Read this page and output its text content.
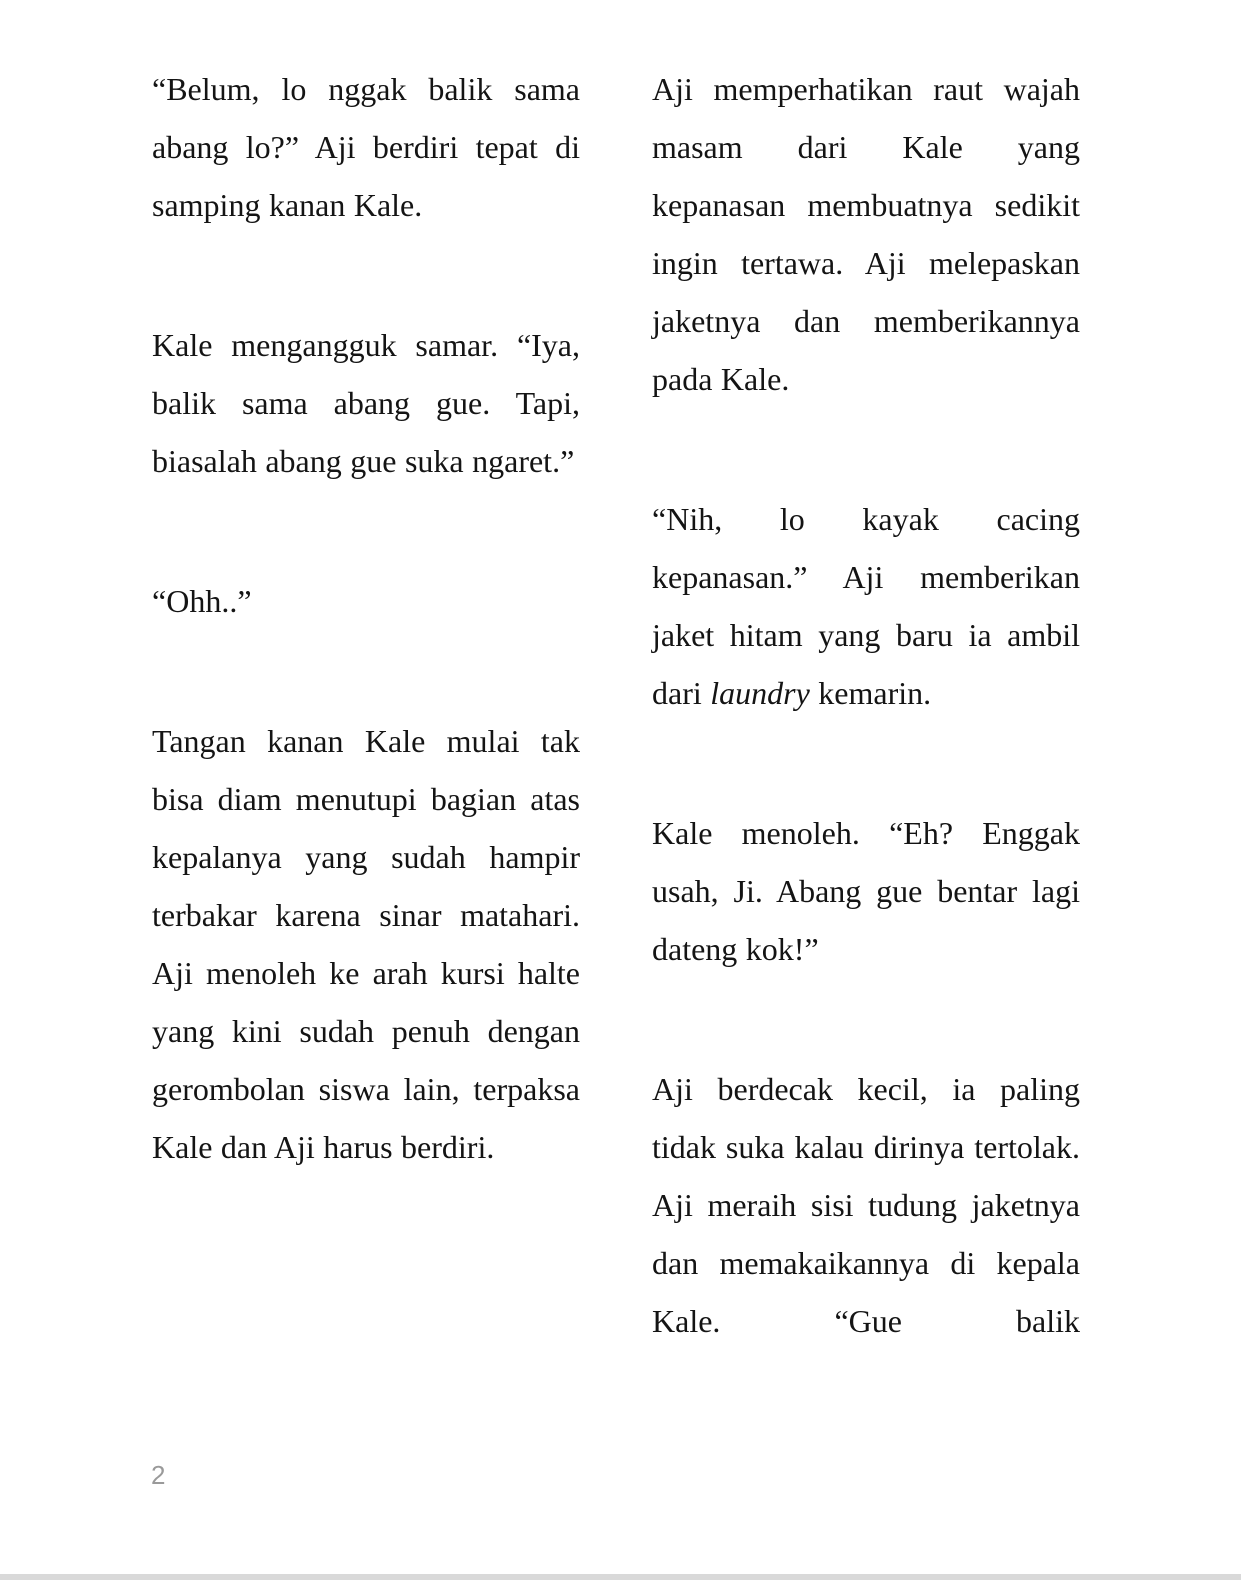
“Belum, lo nggak balik sama abang lo?” Aji berdiri tepat di samping kanan Kale.

Kale mengangguk samar. “Iya, balik sama abang gue. Tapi, biasalah abang gue suka ngaret.”

“Ohh..”

Tangan kanan Kale mulai tak bisa diam menutupi bagian atas kepalanya yang sudah hampir terbakar karena sinar matahari. Aji menoleh ke arah kursi halte yang kini sudah penuh dengan gerombolan siswa lain, terpaksa Kale dan Aji harus berdiri.

Aji memperhatikan raut wajah masam dari Kale yang kepanasan membuatnya sedikit ingin tertawa. Aji melepaskan jaketnya dan memberikannya pada Kale.

“Nih, lo kayak cacing kepanasan.” Aji memberikan jaket hitam yang baru ia ambil dari laundry kemarin.

Kale menoleh. “Eh? Enggak usah, Ji. Abang gue bentar lagi dateng kok!”

Aji berdecak kecil, ia paling tidak suka kalau dirinya tertolak. Aji meraih sisi tudung jaketnya dan memakaikannya di kepala Kale. “Gue balik

2
